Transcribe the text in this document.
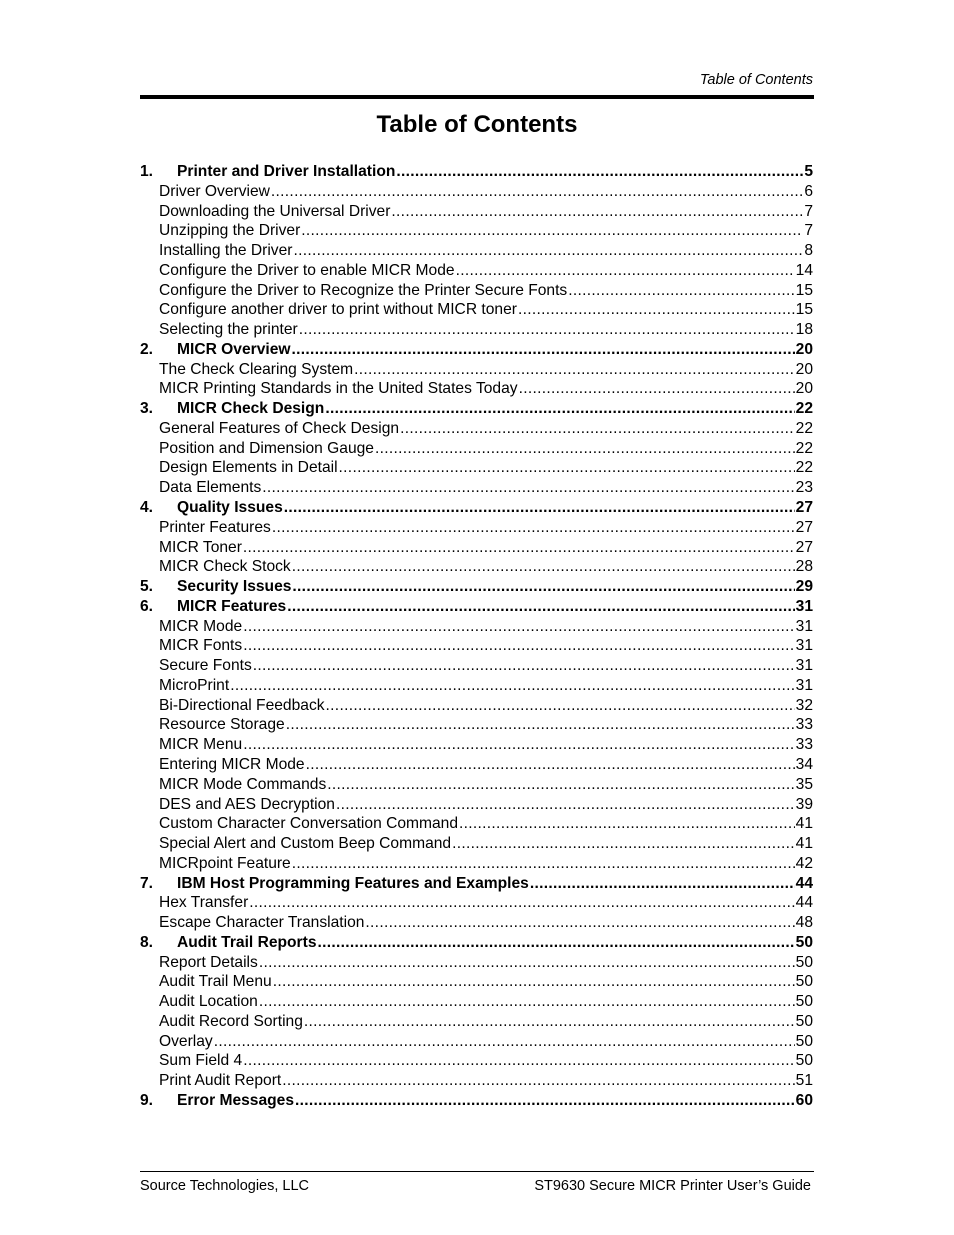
Table of Contents
Table of Contents
1.	Printer and Driver Installation .....	5
Driver Overview .....	6
Downloading the Universal Driver .....	7
Unzipping the Driver .....	7
Installing the Driver .....	8
Configure the Driver to enable MICR Mode .....	14
Configure the Driver to Recognize the Printer Secure Fonts .....	15
Configure another driver to print without MICR toner .....	15
Selecting the printer .....	18
2.	MICR Overview .....	20
The Check Clearing System .....	20
MICR Printing Standards in the United States Today .....	20
3.	MICR Check Design .....	22
General Features of Check Design .....	22
Position and Dimension Gauge .....	22
Design Elements in Detail .....	22
Data Elements .....	23
4.	Quality Issues .....	27
Printer Features .....	27
MICR Toner .....	27
MICR Check Stock .....	28
5.	Security Issues .....	29
6.	MICR Features .....	31
MICR Mode .....	31
MICR Fonts .....	31
Secure Fonts .....	31
MicroPrint .....	31
Bi-Directional Feedback .....	32
Resource Storage .....	33
MICR Menu .....	33
Entering MICR Mode .....	34
MICR Mode Commands .....	35
DES and AES Decryption .....	39
Custom Character Conversation Command .....	41
Special Alert and Custom Beep Command .....	41
MICRpoint Feature .....	42
7.	IBM Host Programming Features and Examples .....	44
Hex Transfer .....	44
Escape Character Translation .....	48
8.	Audit Trail Reports .....	50
Report Details .....	50
Audit Trail Menu .....	50
Audit Location .....	50
Audit Record Sorting .....	50
Overlay .....	50
Sum Field 4 .....	50
Print Audit Report .....	51
9.	Error Messages .....	60
Source Technologies, LLC	ST9630 Secure MICR Printer User’s Guide
